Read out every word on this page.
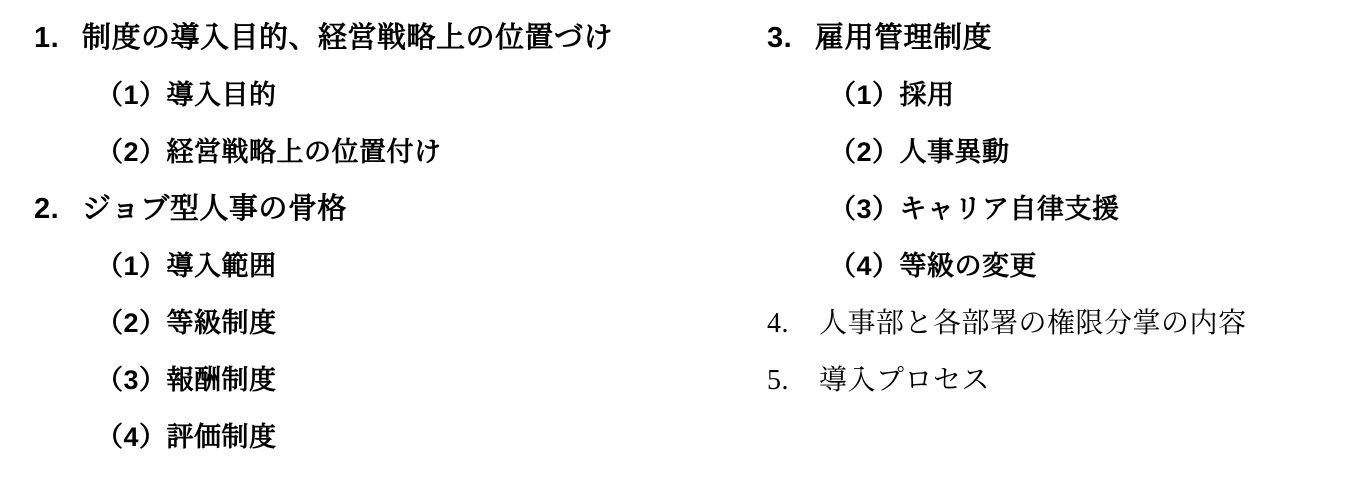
1. 制度の導入目的、経営戦略上の位置づけ
（1） 導入目的
（2） 経営戦略上の位置付け
2. ジョブ型人事の骨格
（1） 導入範囲
（2） 等級制度
（3） 報酬制度
（4） 評価制度
3. 雇用管理制度
（1） 採用
（2） 人事異動
（3） キャリア自律支援
（4） 等級の変更
4.	人事部と各部署の権限分掌の内容
5.	導入プロセス
